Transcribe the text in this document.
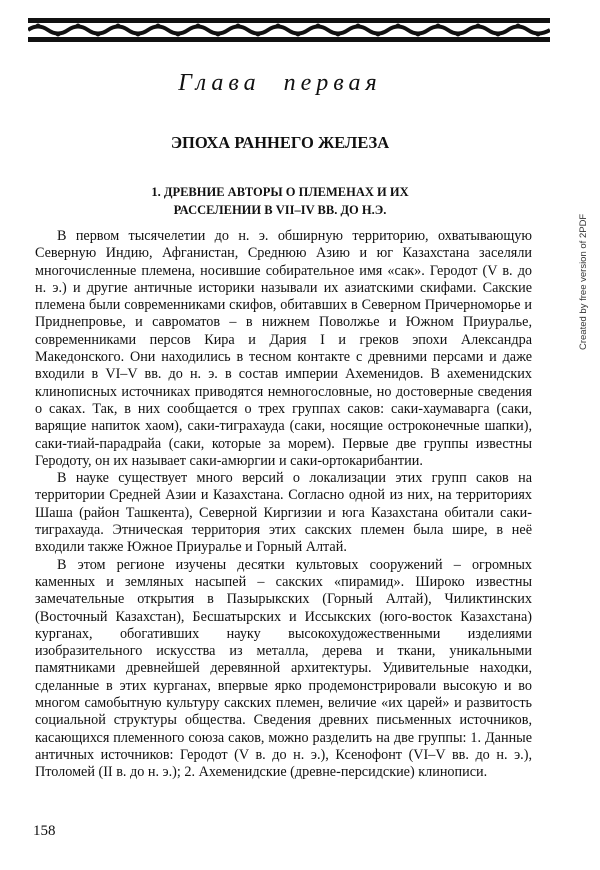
Глава первая
ЭПОХА РАННЕГО ЖЕЛЕЗА
1. ДРЕВНИЕ АВТОРЫ О ПЛЕМЕНАХ И ИХ
РАССЕЛЕНИИ В VII–IV ВВ. ДО Н.Э.

В первом тысячелетии до н. э. обширную территорию, охватывающую Северную Индию, Афганистан, Среднюю Азию и юг Казахстана заселяли многочисленные племена, носившие собирательное имя «сак». Геродот (V в. до н. э.) и другие античные историки называли их азиатскими скифами. Сакские племена были современниками скифов, обитавших в Северном Причерноморье и Приднепровье, и савроматов – в нижнем Поволжье и Южном Приуралье, современниками персов Кира и Дария I и греков эпохи Александра Македонского. Они находились в тесном контакте с древними персами и даже входили в VI–V вв. до н. э. в состав империи Ахеменидов. В ахеменидских клинописных источниках приводятся немногословные, но достоверные сведения о саках. Так, в них сообщается о трех группах саков: саки-хаумаварга (саки, варящие напиток хаом), саки-тиграхауда (саки, носящие остроконечные шапки), саки-тиай-парадрайа (саки, которые за морем). Первые две группы известны Геродоту, он их называет саки-амюргии и саки-ортокарибантии.

В науке существует много версий о локализации этих групп саков на территории Средней Азии и Казахстана. Согласно одной из них, на территориях Шаша (район Ташкента), Северной Киргизии и юга Казахстана обитали саки-тиграхауда. Этническая территория этих сакских племен была шире, в неё входили также Южное Приуралье и Горный Алтай.

В этом регионе изучены десятки культовых сооружений – огромных каменных и земляных насыпей – сакских «пирамид». Широко известны замечательные открытия в Пазырыкских (Горный Алтай), Чиликтинских (Восточный Казахстан), Бесшатырских и Иссыкских (юго-восток Казахстана) курганах, обогативших науку высокохудожественными изделиями изобразительного искусства из металла, дерева и ткани, уникальными памятниками древнейшей деревянной архитектуры. Удивительные находки, сделанные в этих курганах, впервые ярко продемонстрировали высокую и во многом самобытную культуру сакских племен, величие «их царей» и развитость социальной структуры общества. Сведения древних письменных источников, касающихся племенного союза саков, можно разделить на две группы: 1. Данные античных источников: Геродот (V в. до н. э.), Ксенофонт (VI–V вв. до н. э.), Птоломей (II в. до н. э.); 2. Ахеменидские (древне-персидские) клинописи.

158
Created by free version of 2PDF
